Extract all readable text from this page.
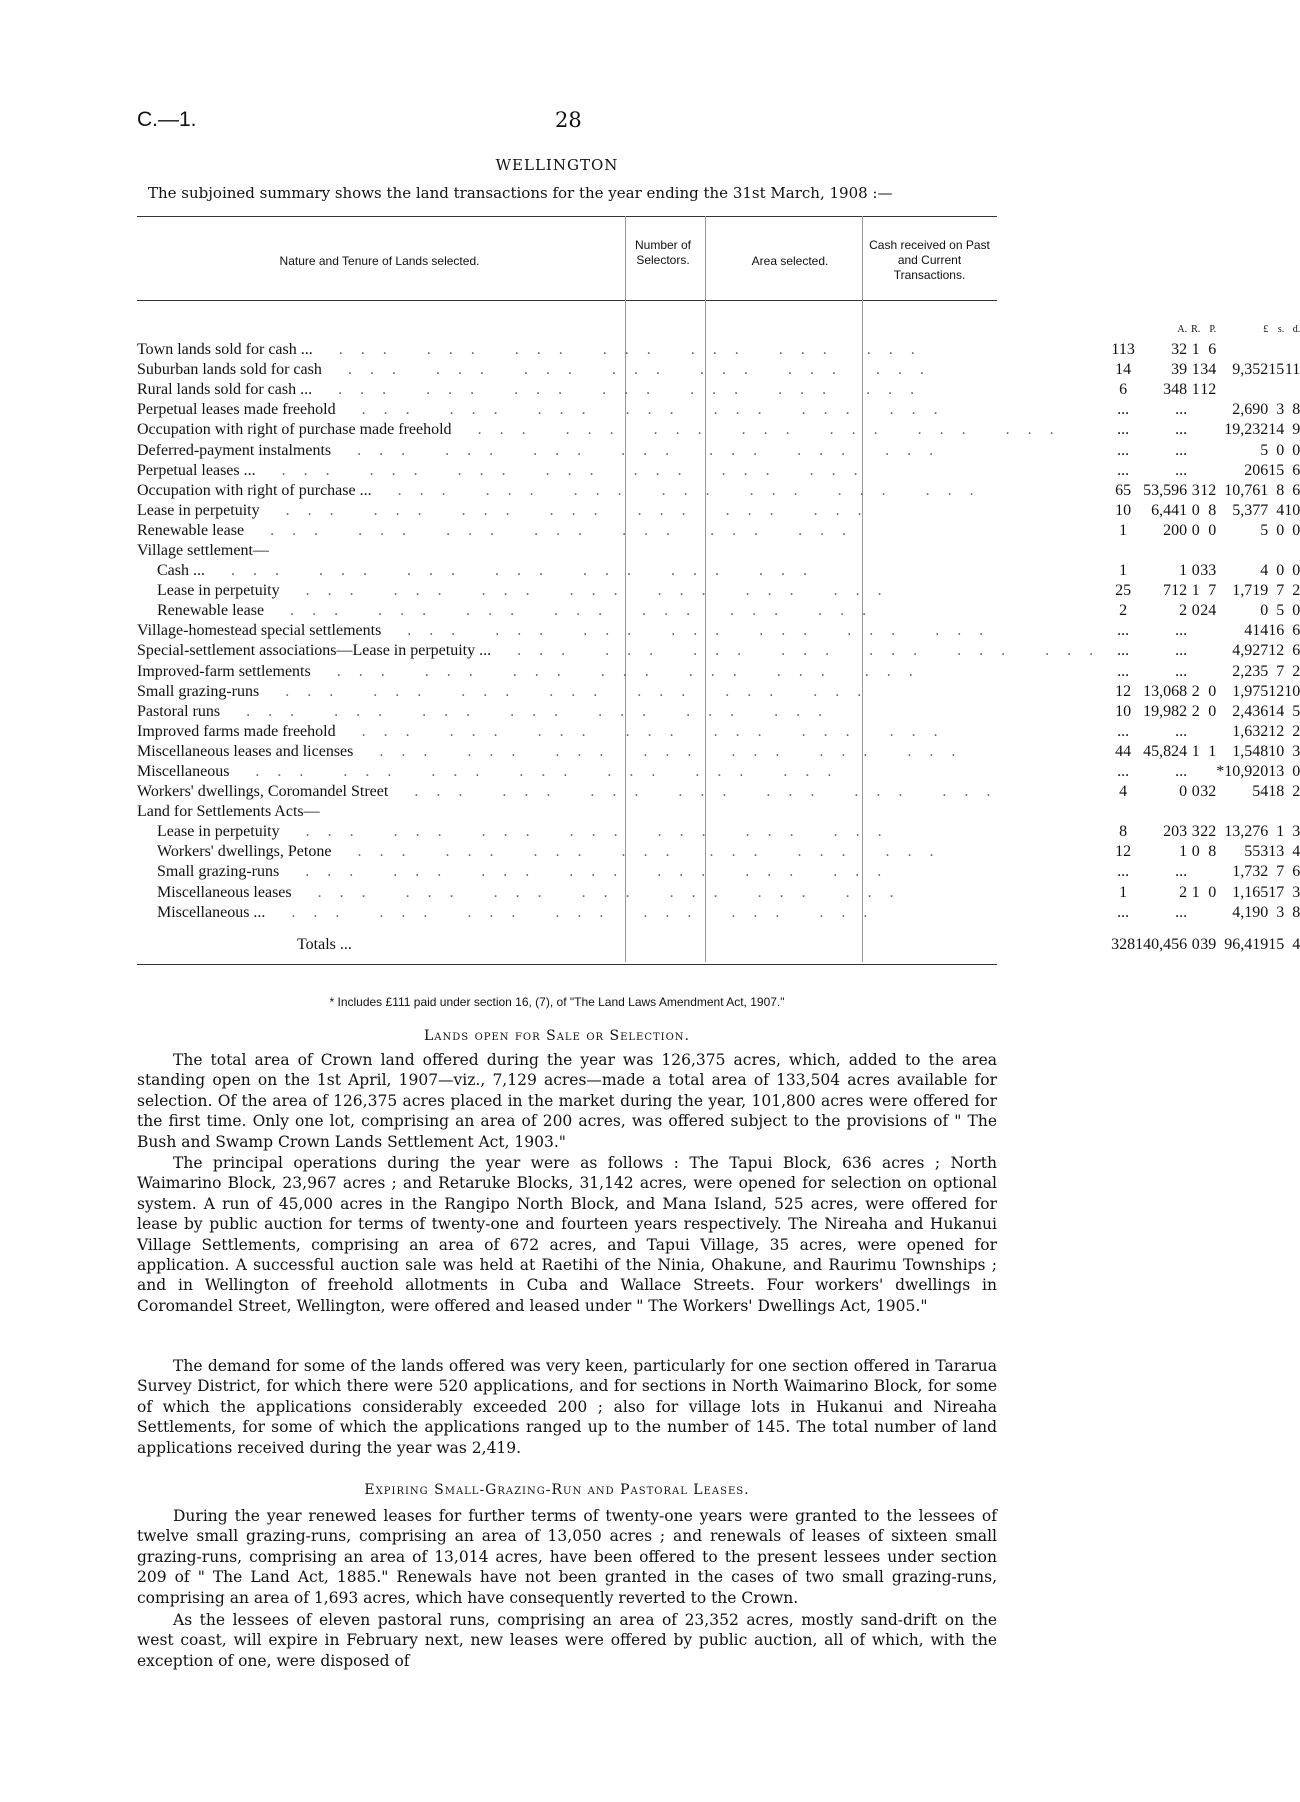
C.—1.	28
WELLINGTON
The subjoined summary shows the land transactions for the year ending the 31st March, 1908 :—
Nature and Tenure of Lands selected.
Number of Selectors.	Area selected.
Cash received on Past and Current Transactions.
		A.	R.	P.	£	s.	d.
Town lands sold for cash ... ... ... ... ... ... ... ...	113	32	1	6			
Suburban lands sold for cash ... ... ... ... ... ... ...	14	39	1	34	9,352	15	11
Rural lands sold for cash ... ... ... ... ... ... ... ...	6	348	1	12			
Perpetual leases made freehold ... ... ... ... ... ... ...	...	...			2,690	3	8
Occupation with right of purchase made freehold ... ... ... ... ... ... ...	...	...			19,232	14	9
Deferred-payment instalments ... ... ... ... ... ... ...	...	...			5	0	0
Perpetual leases ... ... ... ... ... ... ... ...	...	...			206	15	6
Occupation with right of purchase ... ... ... ... ... ... ... ...	65	53,596	3	12	10,761	8	6
Lease in perpetuity ... ... ... ... ... ... ...	10	6,441	0	8	5,377	4	10
Renewable lease ... ... ... ... ... ... ...	1	200	0	0	5	0	0
Village settlement—							
Cash ... ... ... ... ... ... ... ...	1	1	0	33	4	0	0
Lease in perpetuity ... ... ... ... ... ... ...	25	712	1	7	1,719	7	2
Renewable lease ... ... ... ... ... ... ...	2	2	0	24	0	5	0
Village-homestead special settlements ... ... ... ... ... ... ...	...	...			414	16	6
Special-settlement associations—Lease in perpetuity ... ... ... ... ... ... ... ...	...	...			4,927	12	6
Improved-farm settlements ... ... ... ... ... ... ...	...	...			2,235	7	2
Small grazing-runs ... ... ... ... ... ... ...	12	13,068	2	0	1,975	12	10
Pastoral runs ... ... ... ... ... ... ...	10	19,982	2	0	2,436	14	5
Improved farms made freehold ... ... ... ... ... ... ...	...	...			1,632	12	2
Miscellaneous leases and licenses ... ... ... ... ... ... ...	44	45,824	1	1	1,548	10	3
Miscellaneous ... ... ... ... ... ... ...	...	...			*10,920	13	0
Workers' dwellings, Coromandel Street ... ... ... ... ... ... ...	4	0	0	32	54	18	2
Land for Settlements Acts—							
Lease in perpetuity ... ... ... ... ... ... ...	8	203	3	22	13,276	1	3
Workers' dwellings, Petone ... ... ... ... ... ... ...	12	1	0	8	553	13	4
Small grazing-runs ... ... ... ... ... ... ...	...	...			1,732	7	6
Miscellaneous leases ... ... ... ... ... ... ...	1	2	1	0	1,165	17	3
Miscellaneous ... ... ... ... ... ... ... ...	...	...			4,190	3	8
Totals ...	328	140,456	0	39	96,419	15	4
* Includes £111 paid under section 16, (7), of "The Land Laws Amendment Act, 1907."
Lands open for Sale or Selection.
The total area of Crown land offered during the year was 126,375 acres, which, added to the area standing open on the 1st April, 1907—viz., 7,129 acres—made a total area of 133,504 acres available for selection. Of the area of 126,375 acres placed in the market during the year, 101,800 acres were offered for the first time. Only one lot, comprising an area of 200 acres, was offered subject to the provisions of " The Bush and Swamp Crown Lands Settlement Act, 1903."
The principal operations during the year were as follows : The Tapui Block, 636 acres ; North Waimarino Block, 23,967 acres ; and Retaruke Blocks, 31,142 acres, were opened for selection on optional system. A run of 45,000 acres in the Rangipo North Block, and Mana Island, 525 acres, were offered for lease by public auction for terms of twenty-one and fourteen years respectively. The Nireaha and Hukanui Village Settlements, comprising an area of 672 acres, and Tapui Village, 35 acres, were opened for application. A successful auction sale was held at Raetihi of the Ninia, Ohakune, and Raurimu Townships ; and in Wellington of freehold allotments in Cuba and Wallace Streets. Four workers' dwellings in Coromandel Street, Wellington, were offered and leased under " The Workers' Dwellings Act, 1905."
The demand for some of the lands offered was very keen, particularly for one section offered in Tararua Survey District, for which there were 520 applications, and for sections in North Waimarino Block, for some of which the applications considerably exceeded 200 ; also for village lots in Hukanui and Nireaha Settlements, for some of which the applications ranged up to the number of 145. The total number of land applications received during the year was 2,419.
Expiring Small-Grazing-Run and Pastoral Leases.
During the year renewed leases for further terms of twenty-one years were granted to the lessees of twelve small grazing-runs, comprising an area of 13,050 acres ; and renewals of leases of sixteen small grazing-runs, comprising an area of 13,014 acres, have been offered to the present lessees under section 209 of " The Land Act, 1885." Renewals have not been granted in the cases of two small grazing-runs, comprising an area of 1,693 acres, which have consequently reverted to the Crown.
As the lessees of eleven pastoral runs, comprising an area of 23,352 acres, mostly sand-drift on the west coast, will expire in February next, new leases were offered by public auction, all of which, with the exception of one, were disposed of
